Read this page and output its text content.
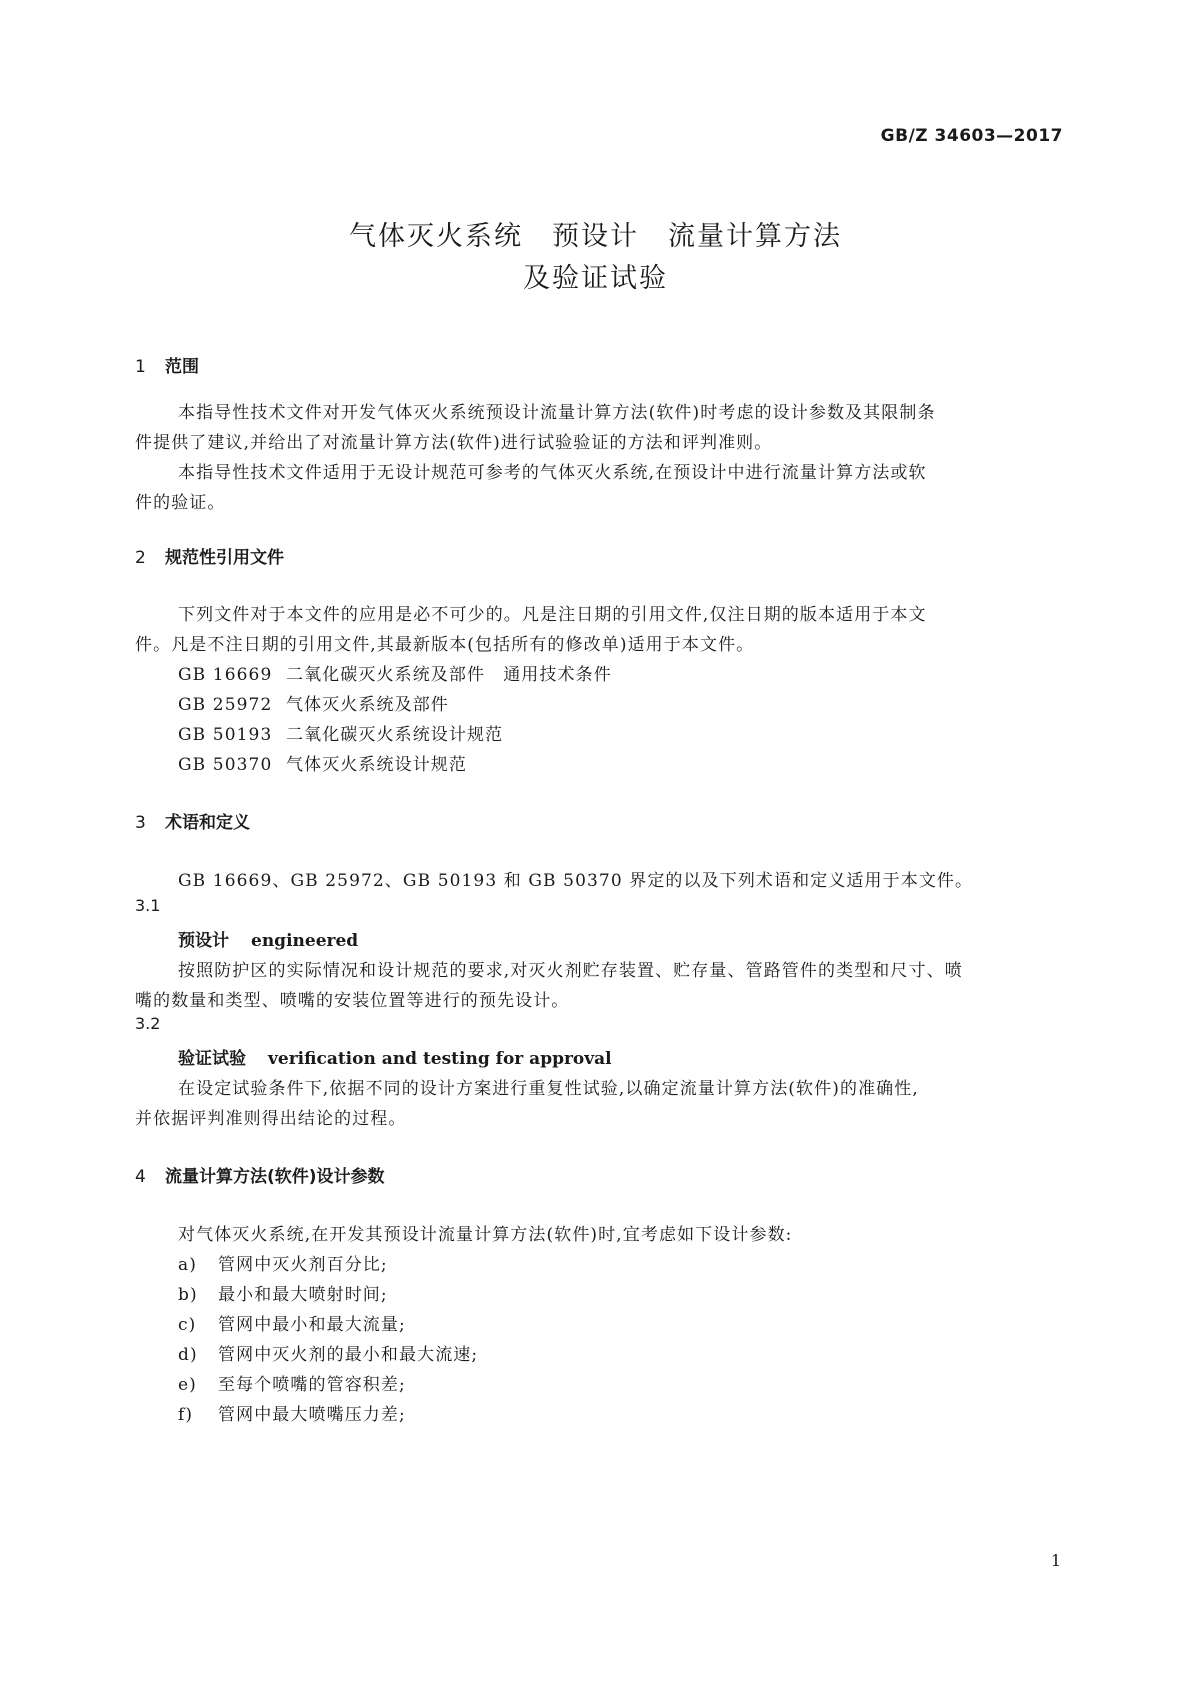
GB/Z 34603—2017
气体灭火系统　预设计　流量计算方法
及验证试验
1 范围
本指导性技术文件对开发气体灭火系统预设计流量计算方法(软件)时考虑的设计参数及其限制条
件提供了建议,并给出了对流量计算方法(软件)进行试验验证的方法和评判准则。
本指导性技术文件适用于无设计规范可参考的气体灭火系统,在预设计中进行流量计算方法或软
件的验证。
2 规范性引用文件
下列文件对于本文件的应用是必不可少的。凡是注日期的引用文件,仅注日期的版本适用于本文
件。凡是不注日期的引用文件,其最新版本(包括所有的修改单)适用于本文件。
GB 16669 二氧化碳灭火系统及部件　通用技术条件
GB 25972 气体灭火系统及部件
GB 50193 二氧化碳灭火系统设计规范
GB 50370 气体灭火系统设计规范
3 术语和定义
GB 16669、GB 25972、GB 50193 和 GB 50370 界定的以及下列术语和定义适用于本文件。
3.1
预设计 engineered
按照防护区的实际情况和设计规范的要求,对灭火剂贮存装置、贮存量、管路管件的类型和尺寸、喷
嘴的数量和类型、喷嘴的安装位置等进行的预先设计。
3.2
验证试验 verification and testing for approval
在设定试验条件下,依据不同的设计方案进行重复性试验,以确定流量计算方法(软件)的准确性,
并依据评判准则得出结论的过程。
4 流量计算方法(软件)设计参数
对气体灭火系统,在开发其预设计流量计算方法(软件)时,宜考虑如下设计参数:
a) 管网中灭火剂百分比;
b) 最小和最大喷射时间;
c) 管网中最小和最大流量;
d) 管网中灭火剂的最小和最大流速;
e) 至每个喷嘴的管容积差;
f) 管网中最大喷嘴压力差;
1
